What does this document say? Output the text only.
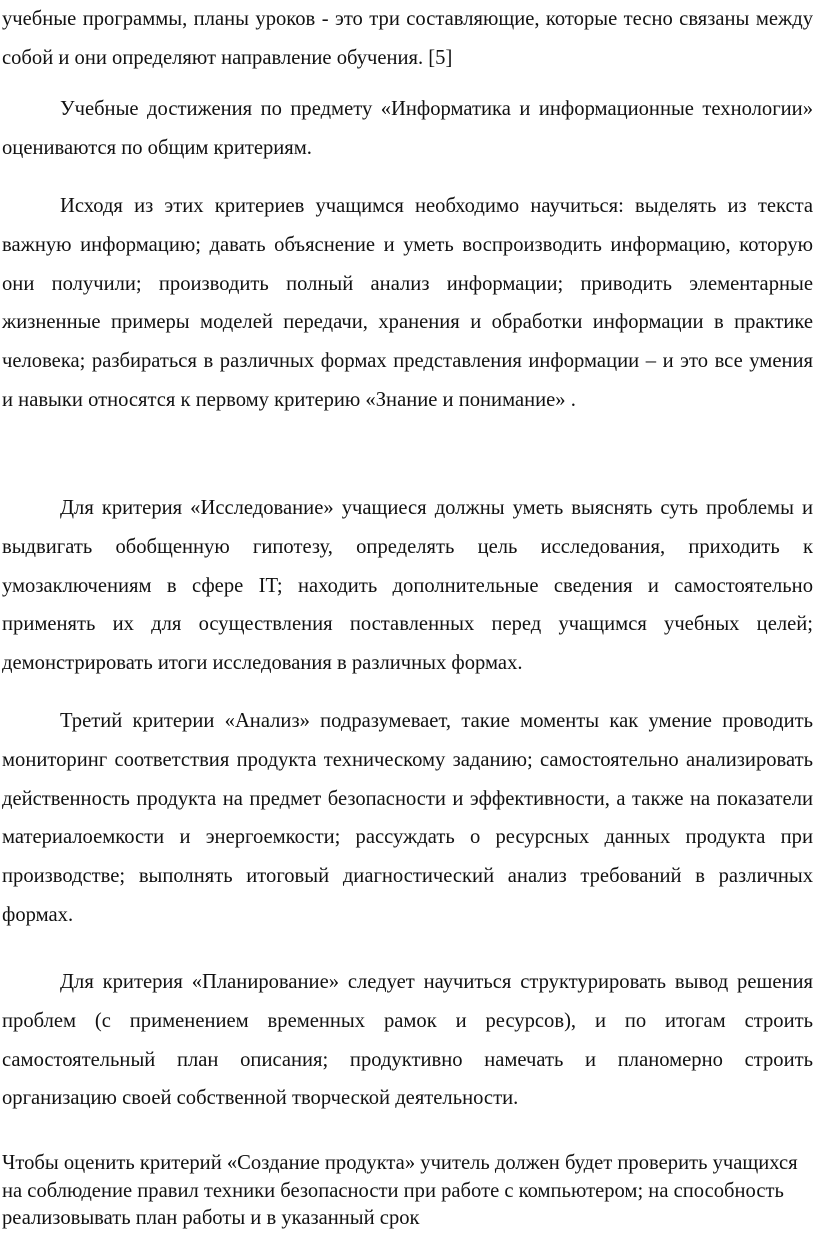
учебные программы, планы уроков - это три составляющие, которые тесно связаны между собой и они определяют направление обучения. [5]

Учебные достижения по предмету «Информатика и информационные технологии» оцениваются по общим критериям.

Исходя из этих критериев учащимся необходимо научиться: выделять из текста важную информацию; давать объяснение и уметь воспроизводить информацию, которую они получили; производить полный анализ информации; приводить элементарные жизненные примеры моделей передачи, хранения и обработки информации в практике человека; разбираться в различных формах представления информации – и это все умения и навыки относятся к первому критерию «Знание и понимание» .

Для критерия «Исследование» учащиеся должны уметь выяснять суть проблемы и выдвигать обобщенную гипотезу, определять цель исследования, приходить к умозаключениям в сфере IT; находить дополнительные сведения и самостоятельно применять их для осуществления поставленных перед учащимся учебных целей; демонстрировать итоги исследования в различных формах.

Третий критерии «Анализ» подразумевает, такие моменты как умение проводить мониторинг соответствия продукта техническому заданию; самостоятельно анализировать действенность продукта на предмет безопасности и эффективности, а также на показатели материалоемкости и энергоемкости; рассуждать о ресурсных данных продукта при производстве; выполнять итоговый диагностический анализ требований в различных формах.

Для критерия «Планирование» следует научиться структурировать вывод решения проблем (с применением временных рамок и ресурсов), и по итогам строить самостоятельный план описания; продуктивно намечать и планомерно строить организацию своей собственной творческой деятельности.

Чтобы оценить критерий «Создание продукта» учитель должен будет проверить учащихся на соблюдение правил техники безопасности при работе с компьютером; на способность реализовывать план работы и в указанный срок
